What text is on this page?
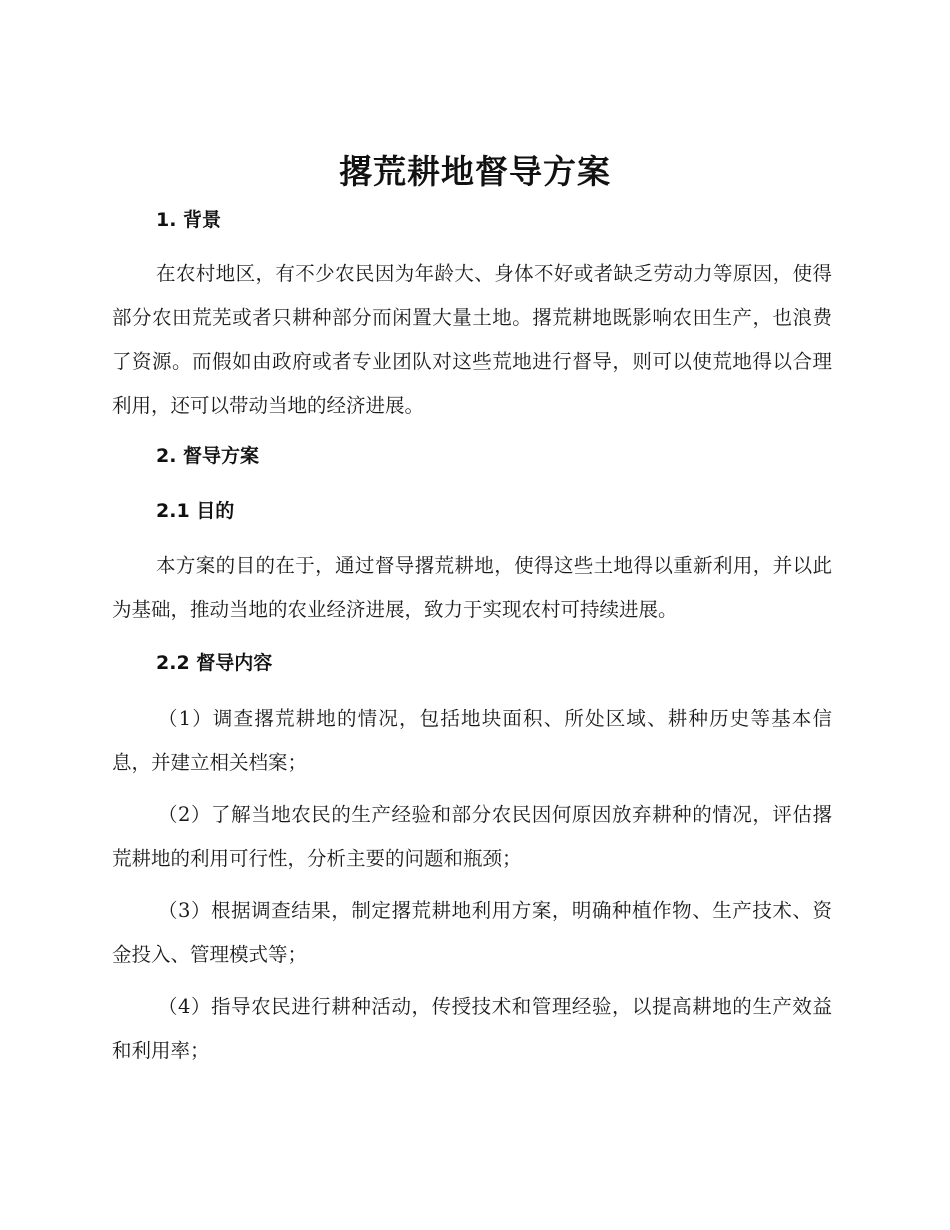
撂荒耕地督导方案
1. 背景
在农村地区，有不少农民因为年龄大、身体不好或者缺乏劳动力等原因，使得部分农田荒芜或者只耕种部分而闲置大量土地。撂荒耕地既影响农田生产，也浪费了资源。而假如由政府或者专业团队对这些荒地进行督导，则可以使荒地得以合理利用，还可以带动当地的经济进展。
2. 督导方案
2.1 目的
本方案的目的在于，通过督导撂荒耕地，使得这些土地得以重新利用，并以此为基础，推动当地的农业经济进展，致力于实现农村可持续进展。
2.2 督导内容
（1）调查撂荒耕地的情况，包括地块面积、所处区域、耕种历史等基本信息，并建立相关档案；
（2）了解当地农民的生产经验和部分农民因何原因放弃耕种的情况，评估撂荒耕地的利用可行性，分析主要的问题和瓶颈；
（3）根据调查结果，制定撂荒耕地利用方案，明确种植作物、生产技术、资金投入、管理模式等；
（4）指导农民进行耕种活动，传授技术和管理经验，以提高耕地的生产效益和利用率；
